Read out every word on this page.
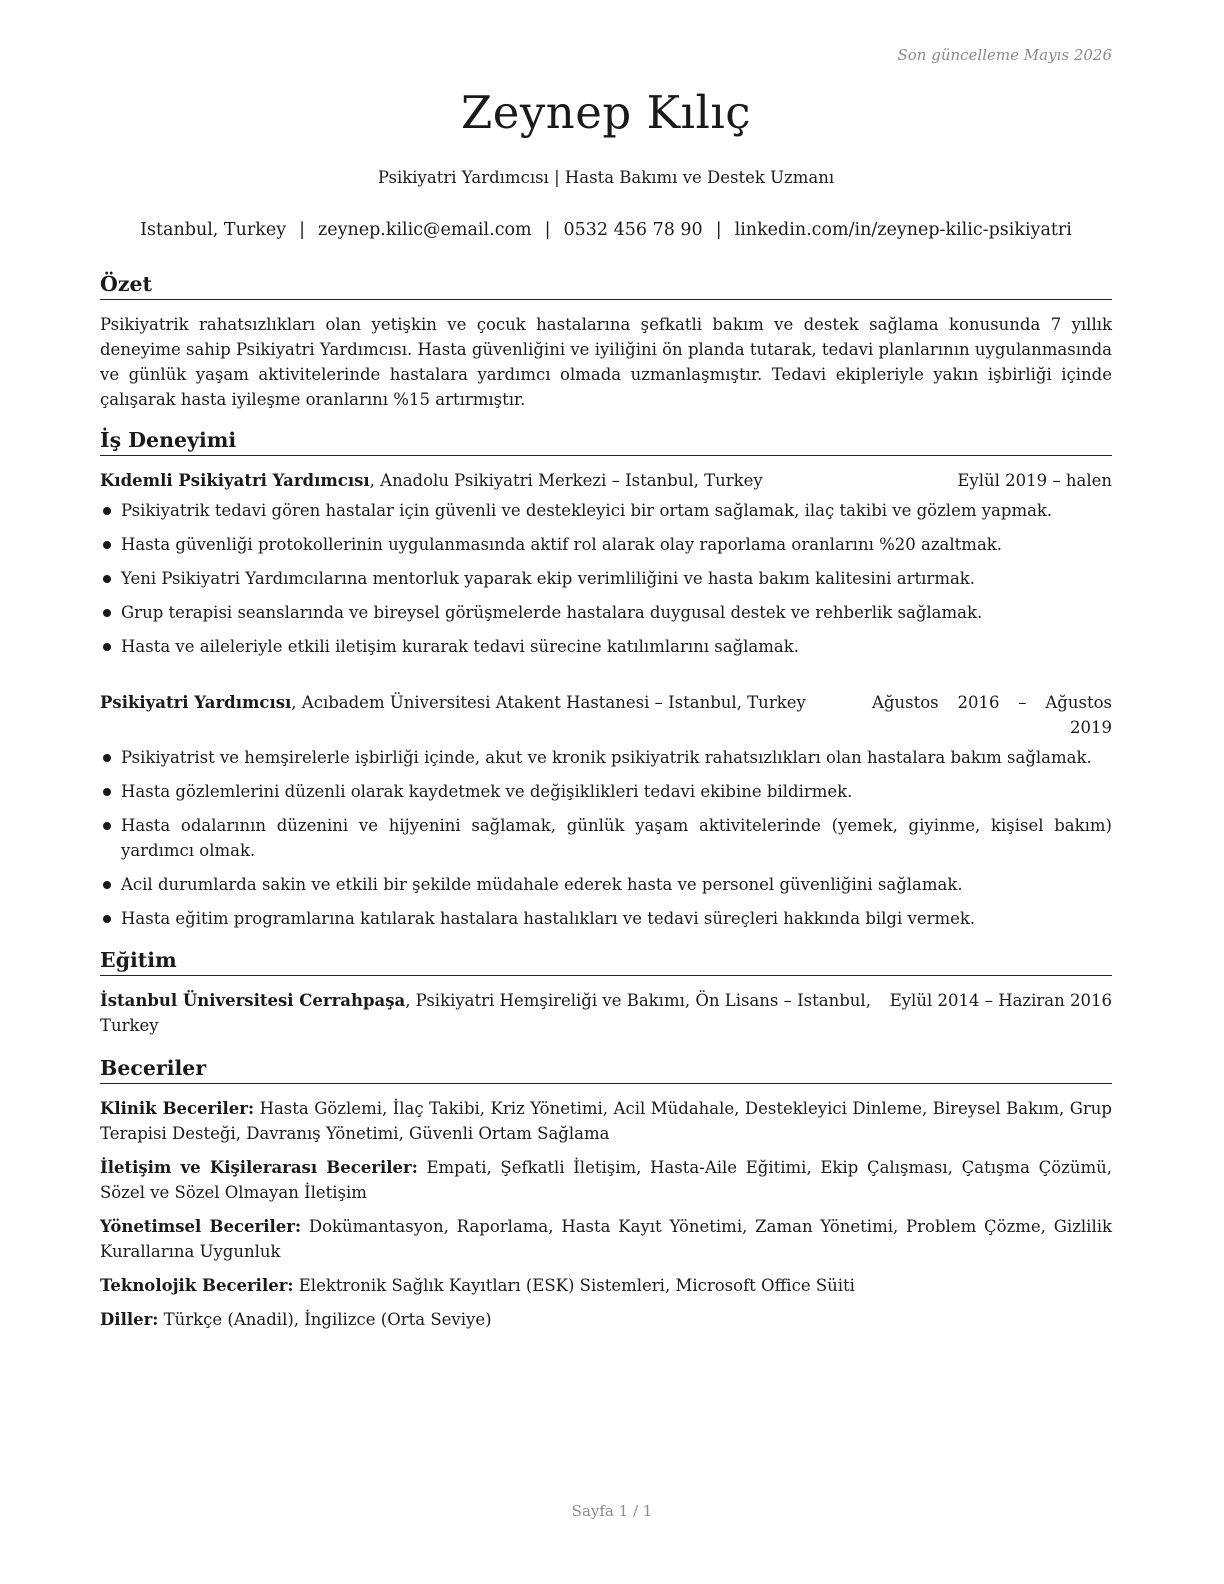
Son güncelleme Mayıs 2026
Zeynep Kılıç
Psikiyatri Yardımcısı | Hasta Bakımı ve Destek Uzmanı
Istanbul, Turkey | zeynep.kilic@email.com | 0532 456 78 90 | linkedin.com/in/zeynep-kilic-psikiyatri
Özet

Psikiyatrik rahatsızlıkları olan yetişkin ve çocuk hastalarına şefkatli bakım ve destek sağlama konusunda 7 yıllık deneyime sahip Psikiyatri Yardımcısı. Hasta güvenliğini ve iyiliğini ön planda tutarak, tedavi planlarının uygulanmasında ve günlük yaşam aktivitelerinde hastalara yardımcı olmada uzmanlaşmıştır. Tedavi ekipleriyle yakın işbirliği içinde çalışarak hasta iyileşme oranlarını %15 artırmıştır.

İş Deneyimi
Kıdemli Psikiyatri Yardımcısı, Anadolu Psikiyatri Merkezi – Istanbul, Turkey	Eylül 2019 – halen
Psikiyatrik tedavi gören hastalar için güvenli ve destekleyici bir ortam sağlamak, ilaç takibi ve gözlem yapmak.
Hasta güvenliği protokollerinin uygulanmasında aktif rol alarak olay raporlama oranlarını %20 azaltmak.
Yeni Psikiyatri Yardımcılarına mentorluk yaparak ekip verimliliğini ve hasta bakım kalitesini artırmak.
Grup terapisi seanslarında ve bireysel görüşmelerde hastalara duygusal destek ve rehberlik sağlamak.
Hasta ve aileleriyle etkili iletişim kurarak tedavi sürecine katılımlarını sağlamak.
Psikiyatri Yardımcısı, Acıbadem Üniversitesi Atakent Hastanesi – Istanbul, Turkey	Ağustos 2016 – Ağustos 2019
Psikiyatrist ve hemşirelerle işbirliği içinde, akut ve kronik psikiyatrik rahatsızlıkları olan hastalara bakım sağlamak.
Hasta gözlemlerini düzenli olarak kaydetmek ve değişiklikleri tedavi ekibine bildirmek.
Hasta odalarının düzenini ve hijyenini sağlamak, günlük yaşam aktivitelerinde (yemek, giyinme, kişisel bakım) yardımcı olmak.
Acil durumlarda sakin ve etkili bir şekilde müdahale ederek hasta ve personel güvenliğini sağlamak.
Hasta eğitim programlarına katılarak hastalara hastalıkları ve tedavi süreçleri hakkında bilgi vermek.
Eğitim
İstanbul Üniversitesi Cerrahpaşa, Psikiyatri Hemşireliği ve Bakımı, Ön Lisans – Istanbul, Turkey
Eylül 2014 – Haziran 2016
Beceriler
Klinik Beceriler: Hasta Gözlemi, İlaç Takibi, Kriz Yönetimi, Acil Müdahale, Destekleyici Dinleme, Bireysel Bakım, Grup Terapisi Desteği, Davranış Yönetimi, Güvenli Ortam Sağlama
İletişim ve Kişilerarası Beceriler: Empati, Şefkatli İletişim, Hasta-Aile Eğitimi, Ekip Çalışması, Çatışma Çözümü, Sözel ve Sözel Olmayan İletişim
Yönetimsel Beceriler: Dokümantasyon, Raporlama, Hasta Kayıt Yönetimi, Zaman Yönetimi, Problem Çözme, Gizlilik Kurallarına Uygunluk
Teknolojik Beceriler: Elektronik Sağlık Kayıtları (ESK) Sistemleri, Microsoft Office Süiti
Diller: Türkçe (Anadil), İngilizce (Orta Seviye)
Sayfa 1 / 1
